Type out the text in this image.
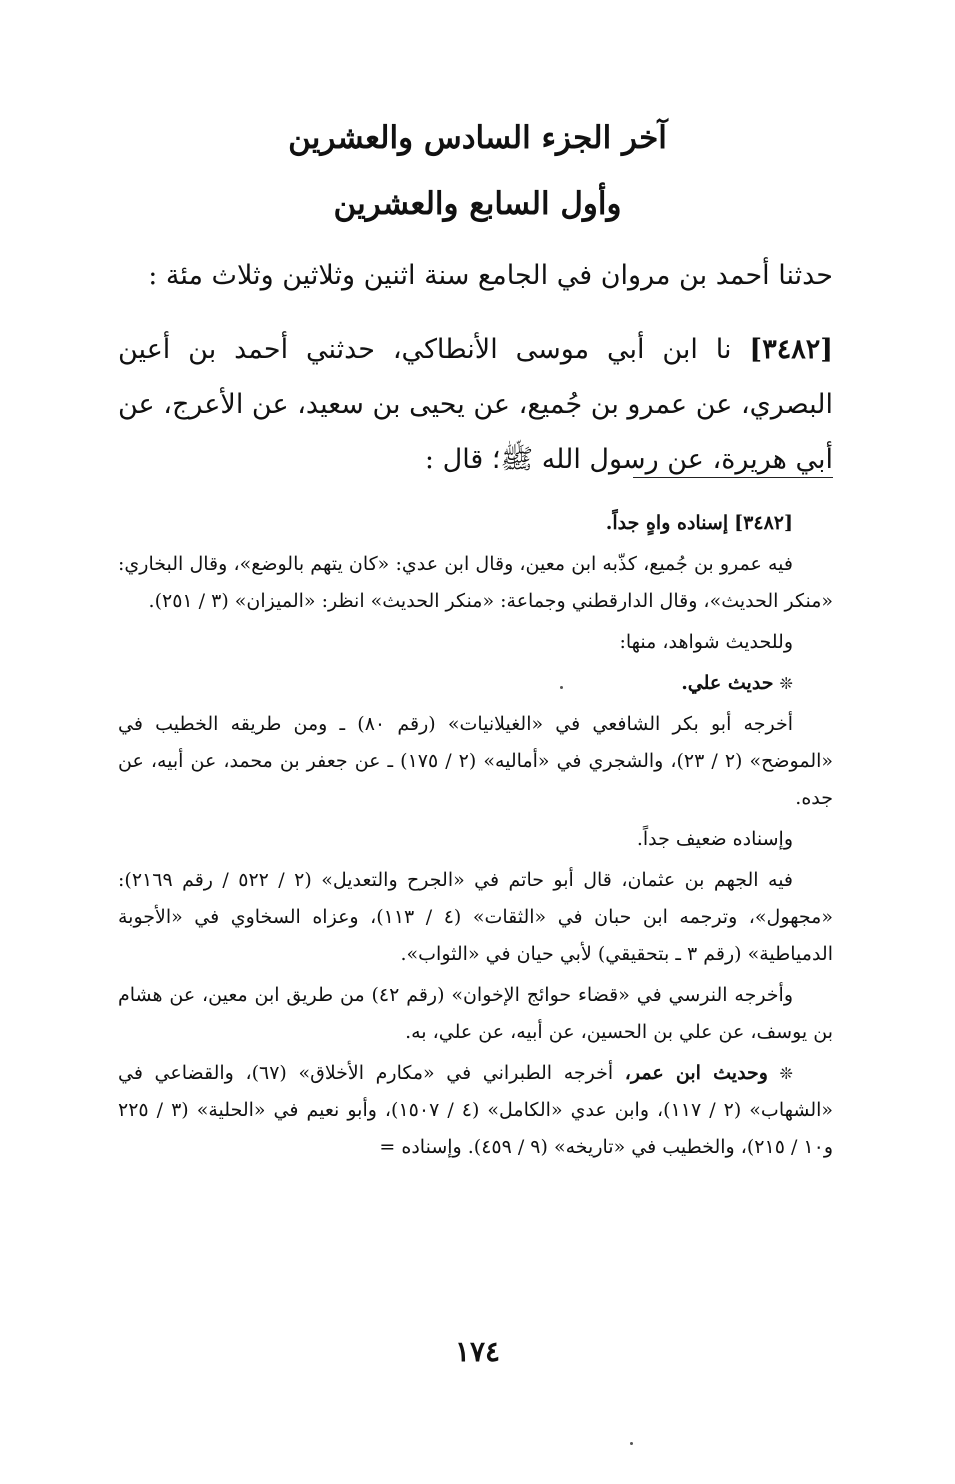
آخر الجزء السادس والعشرين
وأول السابع والعشرين
حدثنا أحمد بن مروان في الجامع سنة اثنين وثلاثين وثلاث مئة :
[٣٤٨٢] نا ابن أبي موسى الأنطاكي، حدثني أحمد بن أعين البصري، عن عمرو بن جُميع، عن يحيى بن سعيد، عن الأعرج، عن أبي هريرة، عن رسول الله ﷺ؛ قال :

[٣٤٨٢] إسناده واهٍ جداً.

فيه عمرو بن جُميع، كذّبه ابن معين، وقال ابن عدي: «كان يتهم بالوضع»، وقال البخاري: «منكر الحديث»، وقال الدارقطني وجماعة: «منكر الحديث» انظر: «الميزان» (٣ / ٢٥١).

وللحديث شواهد، منها:

❊ حديث علي.

أخرجه أبو بكر الشافعي في «الغيلانيات» (رقم ٨٠) ـ ومن طريقه الخطيب في «الموضح» (٢ / ٢٣)، والشجري في «أماليه» (٢ / ١٧٥) ـ عن جعفر بن محمد، عن أبيه، عن جده.

وإسناده ضعيف جداً.

فيه الجهم بن عثمان، قال أبو حاتم في «الجرح والتعديل» (٢ / ٥٢٢ / رقم ٢١٦٩): «مجهول»، وترجمه ابن حبان في «الثقات» (٤ / ١١٣)، وعزاه السخاوي في «الأجوبة الدمياطية» (رقم ٣ ـ بتحقيقي) لأبي حيان في «الثواب».

وأخرجه النرسي في «قضاء حوائج الإخوان» (رقم ٤٢) من طريق ابن معين، عن هشام بن يوسف، عن علي بن الحسين، عن أبيه، عن علي، به.

❊ وحديث ابن عمر، أخرجه الطبراني في «مكارم الأخلاق» (٦٧)، والقضاعي في «الشهاب» (٢ / ١١٧)، وابن عدي «الكامل» (٤ / ١٥٠٧)، وأبو نعيم في «الحلية» (٣ / ٢٢٥ و١٠ / ٢١٥)، والخطيب في «تاريخه» (٩ / ٤٥٩). وإسناده =

١٧٤
